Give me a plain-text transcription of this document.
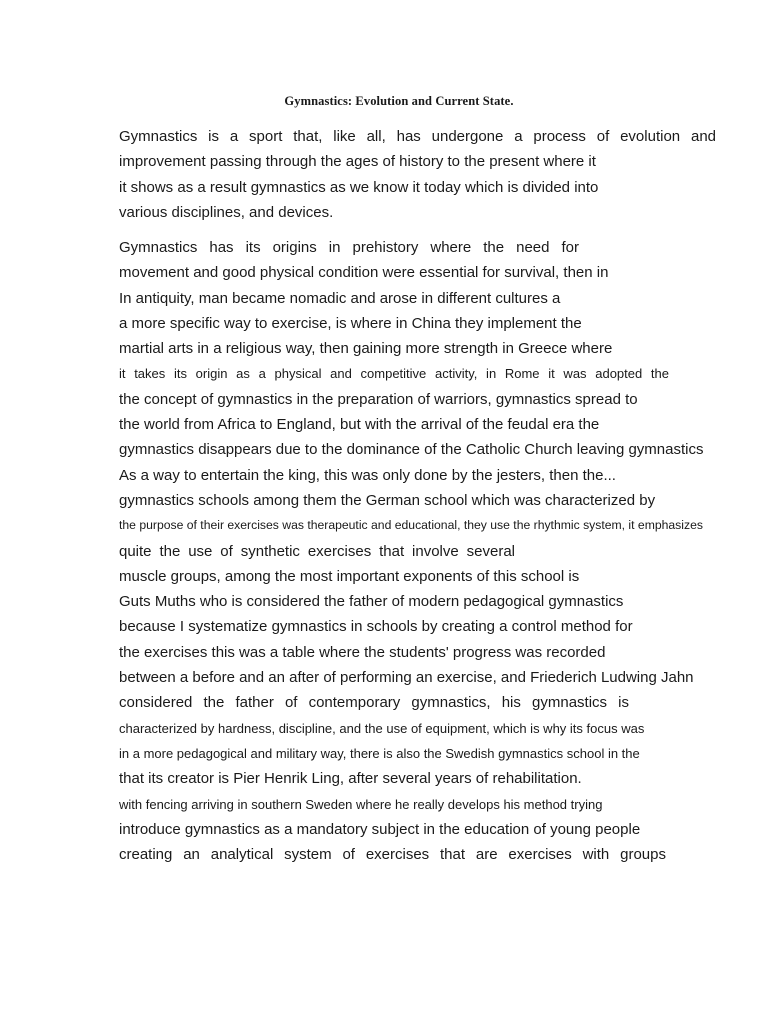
Gymnastics: Evolution and Current State.
Gymnastics is a sport that, like all, has undergone a process of evolution and
improvement passing through the ages of history to the present where it
it shows as a result gymnastics as we know it today which is divided into
various disciplines, and devices.
Gymnastics has its origins in prehistory where the need for
movement and good physical condition were essential for survival, then in
In antiquity, man became nomadic and arose in different cultures a
a more specific way to exercise, is where in China they implement the
martial arts in a religious way, then gaining more strength in Greece where
it takes its origin as a physical and competitive activity, in Rome it was adopted the
the concept of gymnastics in the preparation of warriors, gymnastics spread to
the world from Africa to England, but with the arrival of the feudal era the
gymnastics disappears due to the dominance of the Catholic Church leaving gymnastics
As a way to entertain the king, this was only done by the jesters, then the...
gymnastics schools among them the German school which was characterized by
the purpose of their exercises was therapeutic and educational, they use the rhythmic system, it emphasizes
quite the use of synthetic exercises that involve several
muscle groups, among the most important exponents of this school is
Guts Muths who is considered the father of modern pedagogical gymnastics
because I systematize gymnastics in schools by creating a control method for
the exercises this was a table where the students' progress was recorded
between a before and an after of performing an exercise, and Friederich Ludwing Jahn
considered the father of contemporary gymnastics, his gymnastics is
characterized by hardness, discipline, and the use of equipment, which is why its focus was
in a more pedagogical and military way, there is also the Swedish gymnastics school in the
that its creator is Pier Henrik Ling, after several years of rehabilitation.
with fencing arriving in southern Sweden where he really develops his method trying
introduce gymnastics as a mandatory subject in the education of young people
creating an analytical system of exercises that are exercises with groups
